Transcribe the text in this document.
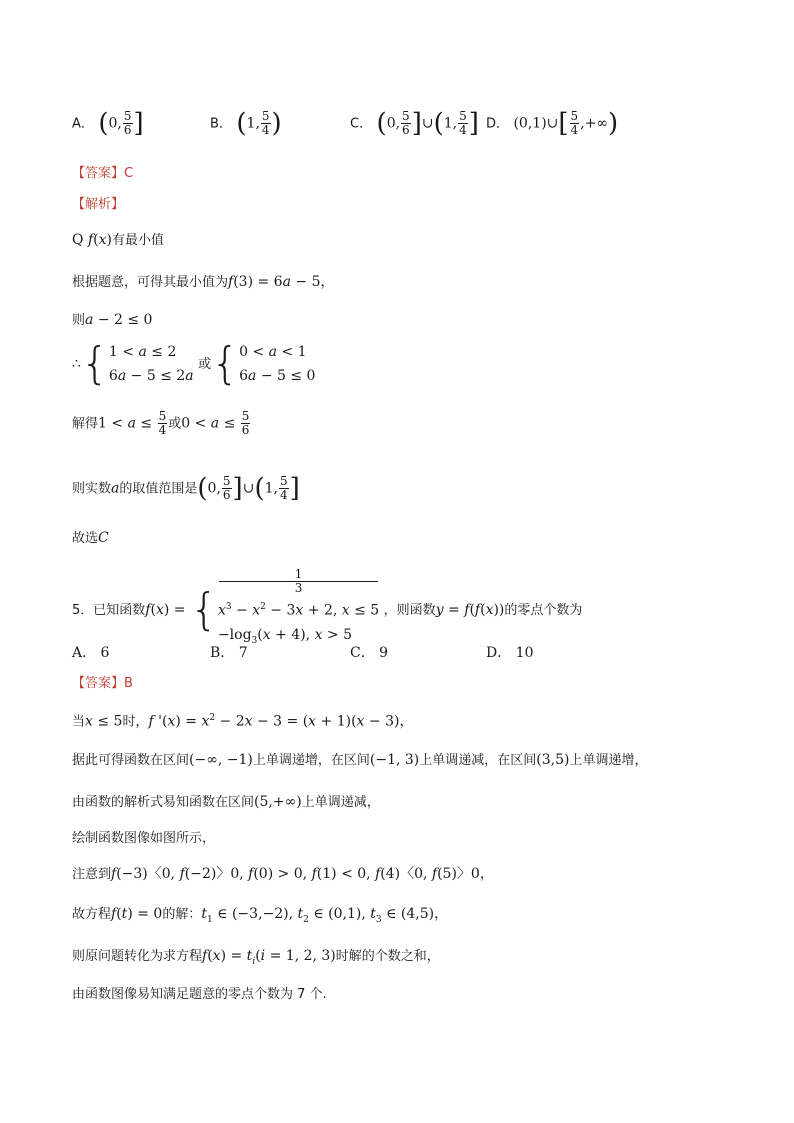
A． (0, $\frac{5}{6}$ ]	B． (1, $\frac{5}{4}$ )	C． (0, $\frac{5}{6}$ ]∪(1, $\frac{5}{4}$ ] D． (0,1)∪[ $\frac{5}{4}$ ,+∞)
【答案】C
【解析】
Q f(x)有最小值
根据题意，可得其最小值为f(3) = 6a − 5，
则a − 2 ≤ 0
∴{ 1 < a ≤ 2
6a − 5 ≤ 2a
或{ 0 < a < 1
6a − 5 ≤ 0
解得$1 < a \le \frac{5}{4}$ 或$0 < a \le \frac{5}{6}$
则实数a的取值范围是(0, $\frac{5}{6}$ ]∪(1, $\frac{5}{4}$ ]
故选C
5．已知函数f(x) = {
1
3
$x^3 - x^2 - 3x + 2$, x ≤ 5
$-\log_3(x + 4)$, x > 5
，则函数y = f(f(x))的零点个数为
A． 6	B． 7	C． 9	D． 10
【答案】B
当x ≤ 5时，f '$(x) = x^2 - 2x - 3 = (x + 1)(x - 3)$，
据此可得函数在区间(−∞, −1)上单调递增，在区间(−1, 3)上单调递减，在区间(3,5)上单调递增，
由函数的解析式易知函数在区间(5,+∞)上单调递减，
绘制函数图像如图所示，
注意到f(−3)〈0, f(−2)〉0, f(0) > 0, f(1) < 0, f(4)〈0, f(5)〉0，
故方程f(t) = 0的解：$t_1$ ∈ (−3,−2), $t_2$ ∈ (0,1), $t_3$ ∈ (4,5)，
则原问题转化为求方程$f(x) = t_i(i = 1$, 2, 3)时解的个数之和，
由函数图像易知满足题意的零点个数为 7 个.
